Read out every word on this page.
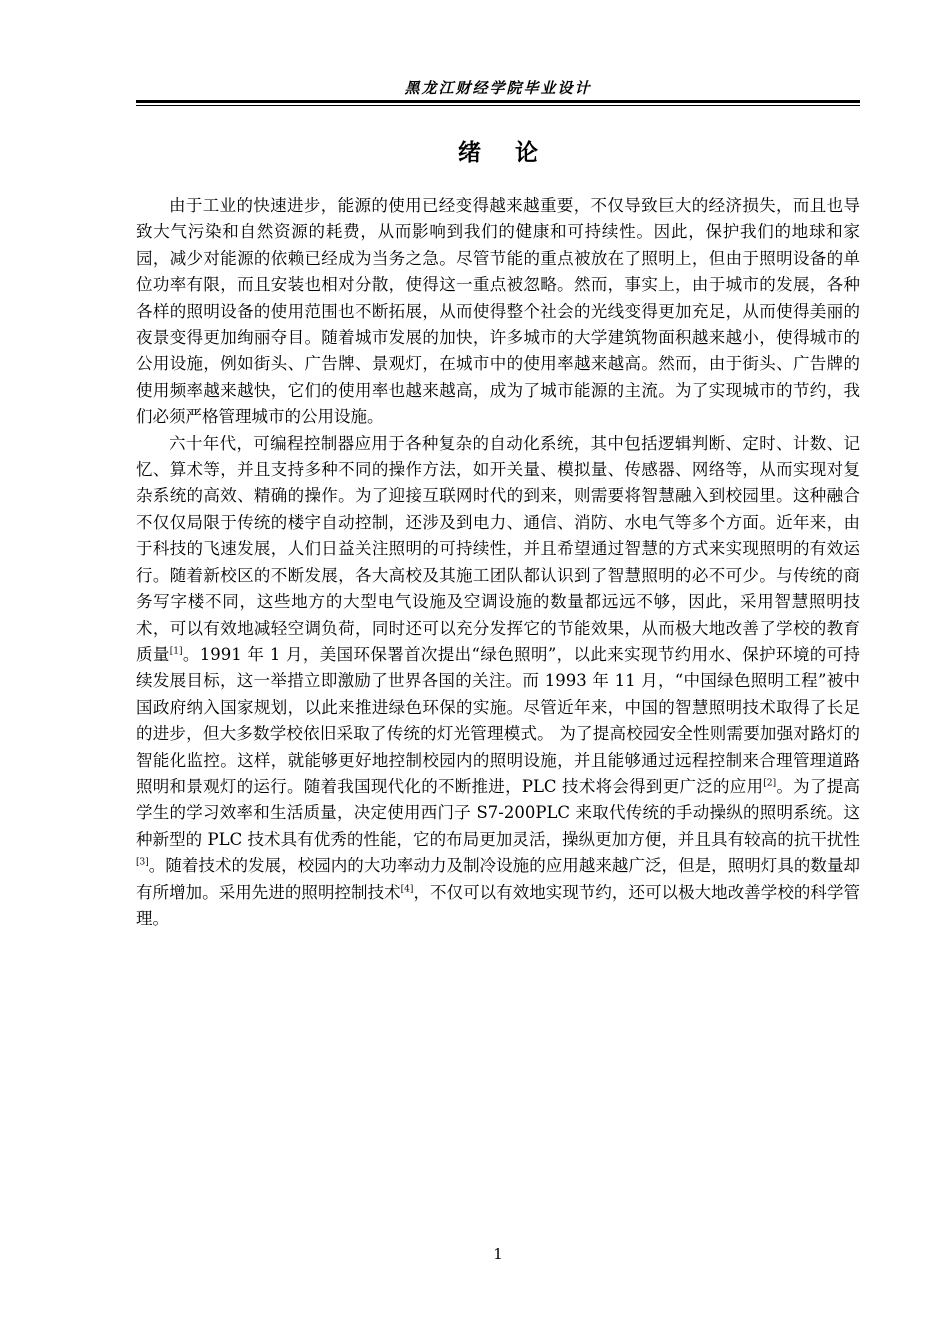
黑龙江财经学院毕业设计
绪论

由于工业的快速进步，能源的使用已经变得越来越重要，不仅导致巨大的经济损失，而且也导致大气污染和自然资源的耗费，从而影响到我们的健康和可持续性。因此，保护我们的地球和家园，减少对能源的依赖已经成为当务之急。尽管节能的重点被放在了照明上，但由于照明设备的单位功率有限，而且安装也相对分散，使得这一重点被忽略。然而，事实上，由于城市的发展，各种各样的照明设备的使用范围也不断拓展，从而使得整个社会的光线变得更加充足，从而使得美丽的夜景变得更加绚丽夺目。随着城市发展的加快，许多城市的大学建筑物面积越来越小，使得城市的公用设施，例如街头、广告牌、景观灯，在城市中的使用率越来越高。然而，由于街头、广告牌的使用频率越来越快，它们的使用率也越来越高，成为了城市能源的主流。为了实现城市的节约，我们必须严格管理城市的公用设施。

六十年代，可编程控制器应用于各种复杂的自动化系统，其中包括逻辑判断、定时、计数、记忆、算术等，并且支持多种不同的操作方法，如开关量、模拟量、传感器、网络等，从而实现对复杂系统的高效、精确的操作。为了迎接互联网时代的到来，则需要将智慧融入到校园里。这种融合不仅仅局限于传统的楼宇自动控制，还涉及到电力、通信、消防、水电气等多个方面。近年来，由于科技的飞速发展，人们日益关注照明的可持续性，并且希望通过智慧的方式来实现照明的有效运行。随着新校区的不断发展，各大高校及其施工团队都认识到了智慧照明的必不可少。与传统的商务写字楼不同，这些地方的大型电气设施及空调设施的数量都远远不够，因此，采用智慧照明技术，可以有效地减轻空调负荷，同时还可以充分发挥它的节能效果，从而极大地改善了学校的教育质量[1]。1991 年 1 月，美国环保署首次提出“绿色照明”，以此来实现节约用水、保护环境的可持续发展目标，这一举措立即激励了世界各国的关注。而 1993 年 11 月，“中国绿色照明工程”被中国政府纳入国家规划，以此来推进绿色环保的实施。尽管近年来，中国的智慧照明技术取得了长足的进步，但大多数学校依旧采取了传统的灯光管理模式。 为了提高校园安全性则需要加强对路灯的智能化监控。这样，就能够更好地控制校园内的照明设施，并且能够通过远程控制来合理管理道路照明和景观灯的运行。随着我国现代化的不断推进，PLC 技术将会得到更广泛的应用[2]。为了提高学生的学习效率和生活质量，决定使用西门子 S7-200PLC 来取代传统的手动操纵的照明系统。这种新型的 PLC 技术具有优秀的性能，它的布局更加灵活，操纵更加方便，并且具有较高的抗干扰性[3]。随着技术的发展，校园内的大功率动力及制冷设施的应用越来越广泛，但是，照明灯具的数量却有所增加。采用先进的照明控制技术[4]，不仅可以有效地实现节约，还可以极大地改善学校的科学管理。

1
